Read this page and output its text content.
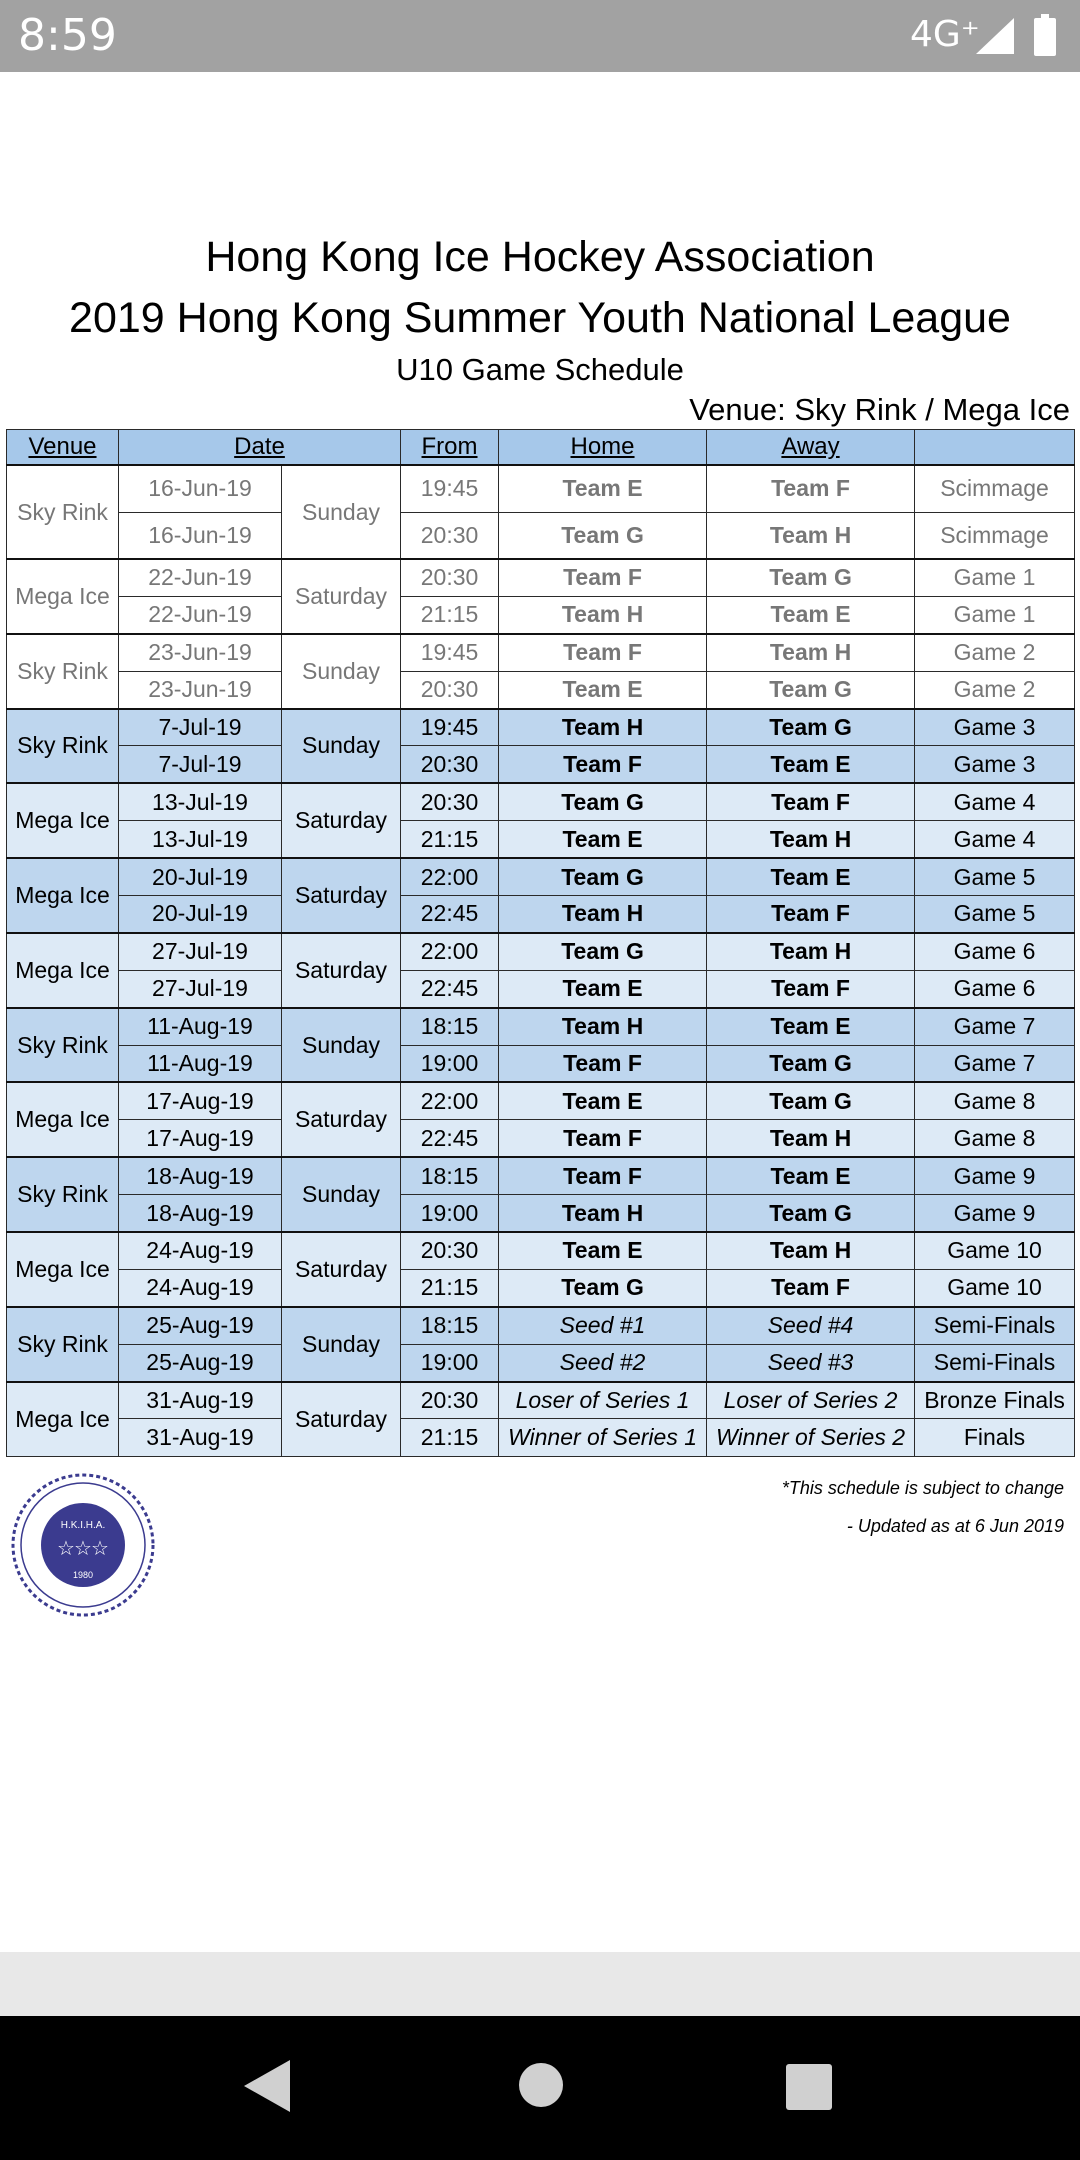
8:59	4G⁺
Hong Kong Ice Hockey Association
2019 Hong Kong Summer Youth National League
U10 Game Schedule
Venue: Sky Rink / Mega Ice
Venue	Date		From	Home	Away	
Sky Rink	16-Jun-19	Sunday	19:45	Team E	Team F	Scimmage
	16-Jun-19		20:30	Team G	Team H	Scimmage
Mega Ice	22-Jun-19	Saturday	20:30	Team F	Team G	Game 1
	22-Jun-19		21:15	Team H	Team E	Game 1
Sky Rink	23-Jun-19	Sunday	19:45	Team F	Team H	Game 2
	23-Jun-19		20:30	Team E	Team G	Game 2
Sky Rink	7-Jul-19	Sunday	19:45	Team H	Team G	Game 3
	7-Jul-19		20:30	Team F	Team E	Game 3
Mega Ice	13-Jul-19	Saturday	20:30	Team G	Team F	Game 4
	13-Jul-19		21:15	Team E	Team H	Game 4
Mega Ice	20-Jul-19	Saturday	22:00	Team G	Team E	Game 5
	20-Jul-19		22:45	Team H	Team F	Game 5
Mega Ice	27-Jul-19	Saturday	22:00	Team G	Team H	Game 6
	27-Jul-19		22:45	Team E	Team F	Game 6
Sky Rink	11-Aug-19	Sunday	18:15	Team H	Team E	Game 7
	11-Aug-19		19:00	Team F	Team G	Game 7
Mega Ice	17-Aug-19	Saturday	22:00	Team E	Team G	Game 8
	17-Aug-19		22:45	Team F	Team H	Game 8
Sky Rink	18-Aug-19	Sunday	18:15	Team F	Team E	Game 9
	18-Aug-19		19:00	Team H	Team G	Game 9
Mega Ice	24-Aug-19	Saturday	20:30	Team E	Team H	Game 10
	24-Aug-19		21:15	Team G	Team F	Game 10
Sky Rink	25-Aug-19	Sunday	18:15	Seed #1	Seed #4	Semi-Finals
	25-Aug-19		19:00	Seed #2	Seed #3	Semi-Finals
Mega Ice	31-Aug-19	Saturday	20:30	Loser of Series 1	Loser of Series 2	Bronze Finals
	31-Aug-19		21:15	Winner of Series 1	Winner of Series 2	Finals
H.K.I.H.A.
☆ ☆ ☆
1980
*This schedule is subject to change
- Updated as at 6 Jun 2019
